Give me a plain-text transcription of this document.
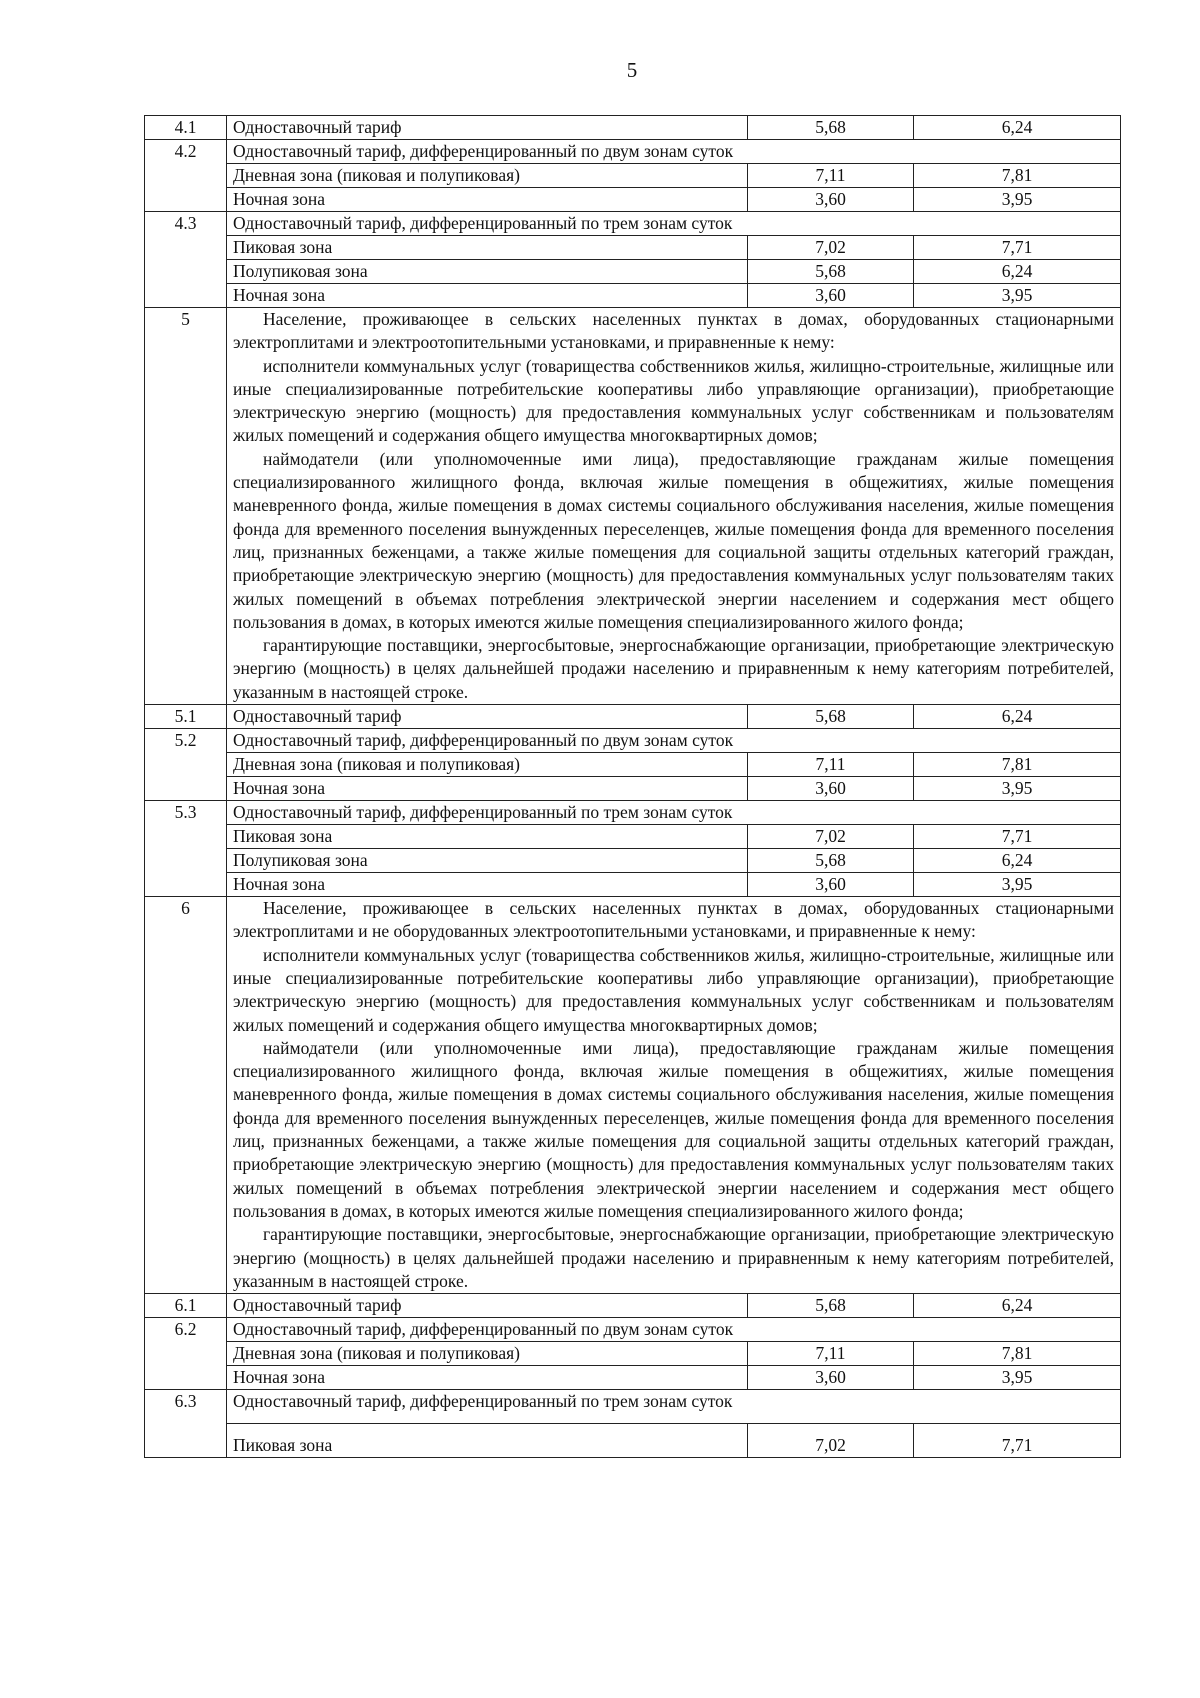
5
4.1	Одноставочный тариф	5,68	6,24
4.2	Одноставочный тариф, дифференцированный по двум зонам суток		
	Дневная зона (пиковая и полупиковая)	7,11	7,81
	Ночная зона	3,60	3,95
4.3	Одноставочный тариф, дифференцированный по трем зонам суток		
	Пиковая зона	7,02	7,71
	Полупиковая зона	5,68	6,24
	Ночная зона	3,60	3,95
5	Население, проживающее в сельских населенных пунктах в домах, оборудованных стационарными электроплитами и электроотопительными установками, и приравненные к нему:

исполнители коммунальных услуг (товарищества собственников жилья, жилищно-строительные, жилищные или иные специализированные потребительские кооперативы либо управляющие организации), приобретающие электрическую энергию (мощность) для предоставления коммунальных услуг собственникам и пользователям жилых помещений и содержания общего имущества многоквартирных домов;

наймодатели (или уполномоченные ими лица), предоставляющие гражданам жилые помещения специализированного жилищного фонда, включая жилые помещения в общежитиях, жилые помещения маневренного фонда, жилые помещения в домах системы социального обслуживания населения, жилые помещения фонда для временного поселения вынужденных переселенцев, жилые помещения фонда для временного поселения лиц, признанных беженцами, а также жилые помещения для социальной защиты отдельных категорий граждан, приобретающие электрическую энергию (мощность) для предоставления коммунальных услуг пользователям таких жилых помещений в объемах потребления электрической энергии населением и содержания мест общего пользования в домах, в которых имеются жилые помещения специализированного жилого фонда;

гарантирующие поставщики, энергосбытовые, энергоснабжающие организации, приобретающие электрическую энергию (мощность) в целях дальнейшей продажи населению и приравненным к нему категориям потребителей, указанным в настоящей строке.		

5.1	Одноставочный тариф	5,68	6,24
5.2	Одноставочный тариф, дифференцированный по двум зонам суток		
	Дневная зона (пиковая и полупиковая)	7,11	7,81
	Ночная зона	3,60	3,95
5.3	Одноставочный тариф, дифференцированный по трем зонам суток		
	Пиковая зона	7,02	7,71
	Полупиковая зона	5,68	6,24
	Ночная зона	3,60	3,95
6	Население, проживающее в сельских населенных пунктах в домах, оборудованных стационарными электроплитами и не оборудованных электроотопительными установками, и приравненные к нему:

исполнители коммунальных услуг (товарищества собственников жилья, жилищно-строительные, жилищные или иные специализированные потребительские кооперативы либо управляющие организации), приобретающие электрическую энергию (мощность) для предоставления коммунальных услуг собственникам и пользователям жилых помещений и содержания общего имущества многоквартирных домов;

наймодатели (или уполномоченные ими лица), предоставляющие гражданам жилые помещения специализированного жилищного фонда, включая жилые помещения в общежитиях, жилые помещения маневренного фонда, жилые помещения в домах системы социального обслуживания населения, жилые помещения фонда для временного поселения вынужденных переселенцев, жилые помещения фонда для временного поселения лиц, признанных беженцами, а также жилые помещения для социальной защиты отдельных категорий граждан, приобретающие электрическую энергию (мощность) для предоставления коммунальных услуг пользователям таких жилых помещений в объемах потребления электрической энергии населением и содержания мест общего пользования в домах, в которых имеются жилые помещения специализированного жилого фонда;

гарантирующие поставщики, энергосбытовые, энергоснабжающие организации, приобретающие электрическую энергию (мощность) в целях дальнейшей продажи населению и приравненным к нему категориям потребителей, указанным в настоящей строке.		

6.1	Одноставочный тариф	5,68	6,24
6.2	Одноставочный тариф, дифференцированный по двум зонам суток		
	Дневная зона (пиковая и полупиковая)	7,11	7,81
	Ночная зона	3,60	3,95
6.3	Одноставочный тариф, дифференцированный по трем зонам суток		
	Пиковая зона	7,02	7,71
